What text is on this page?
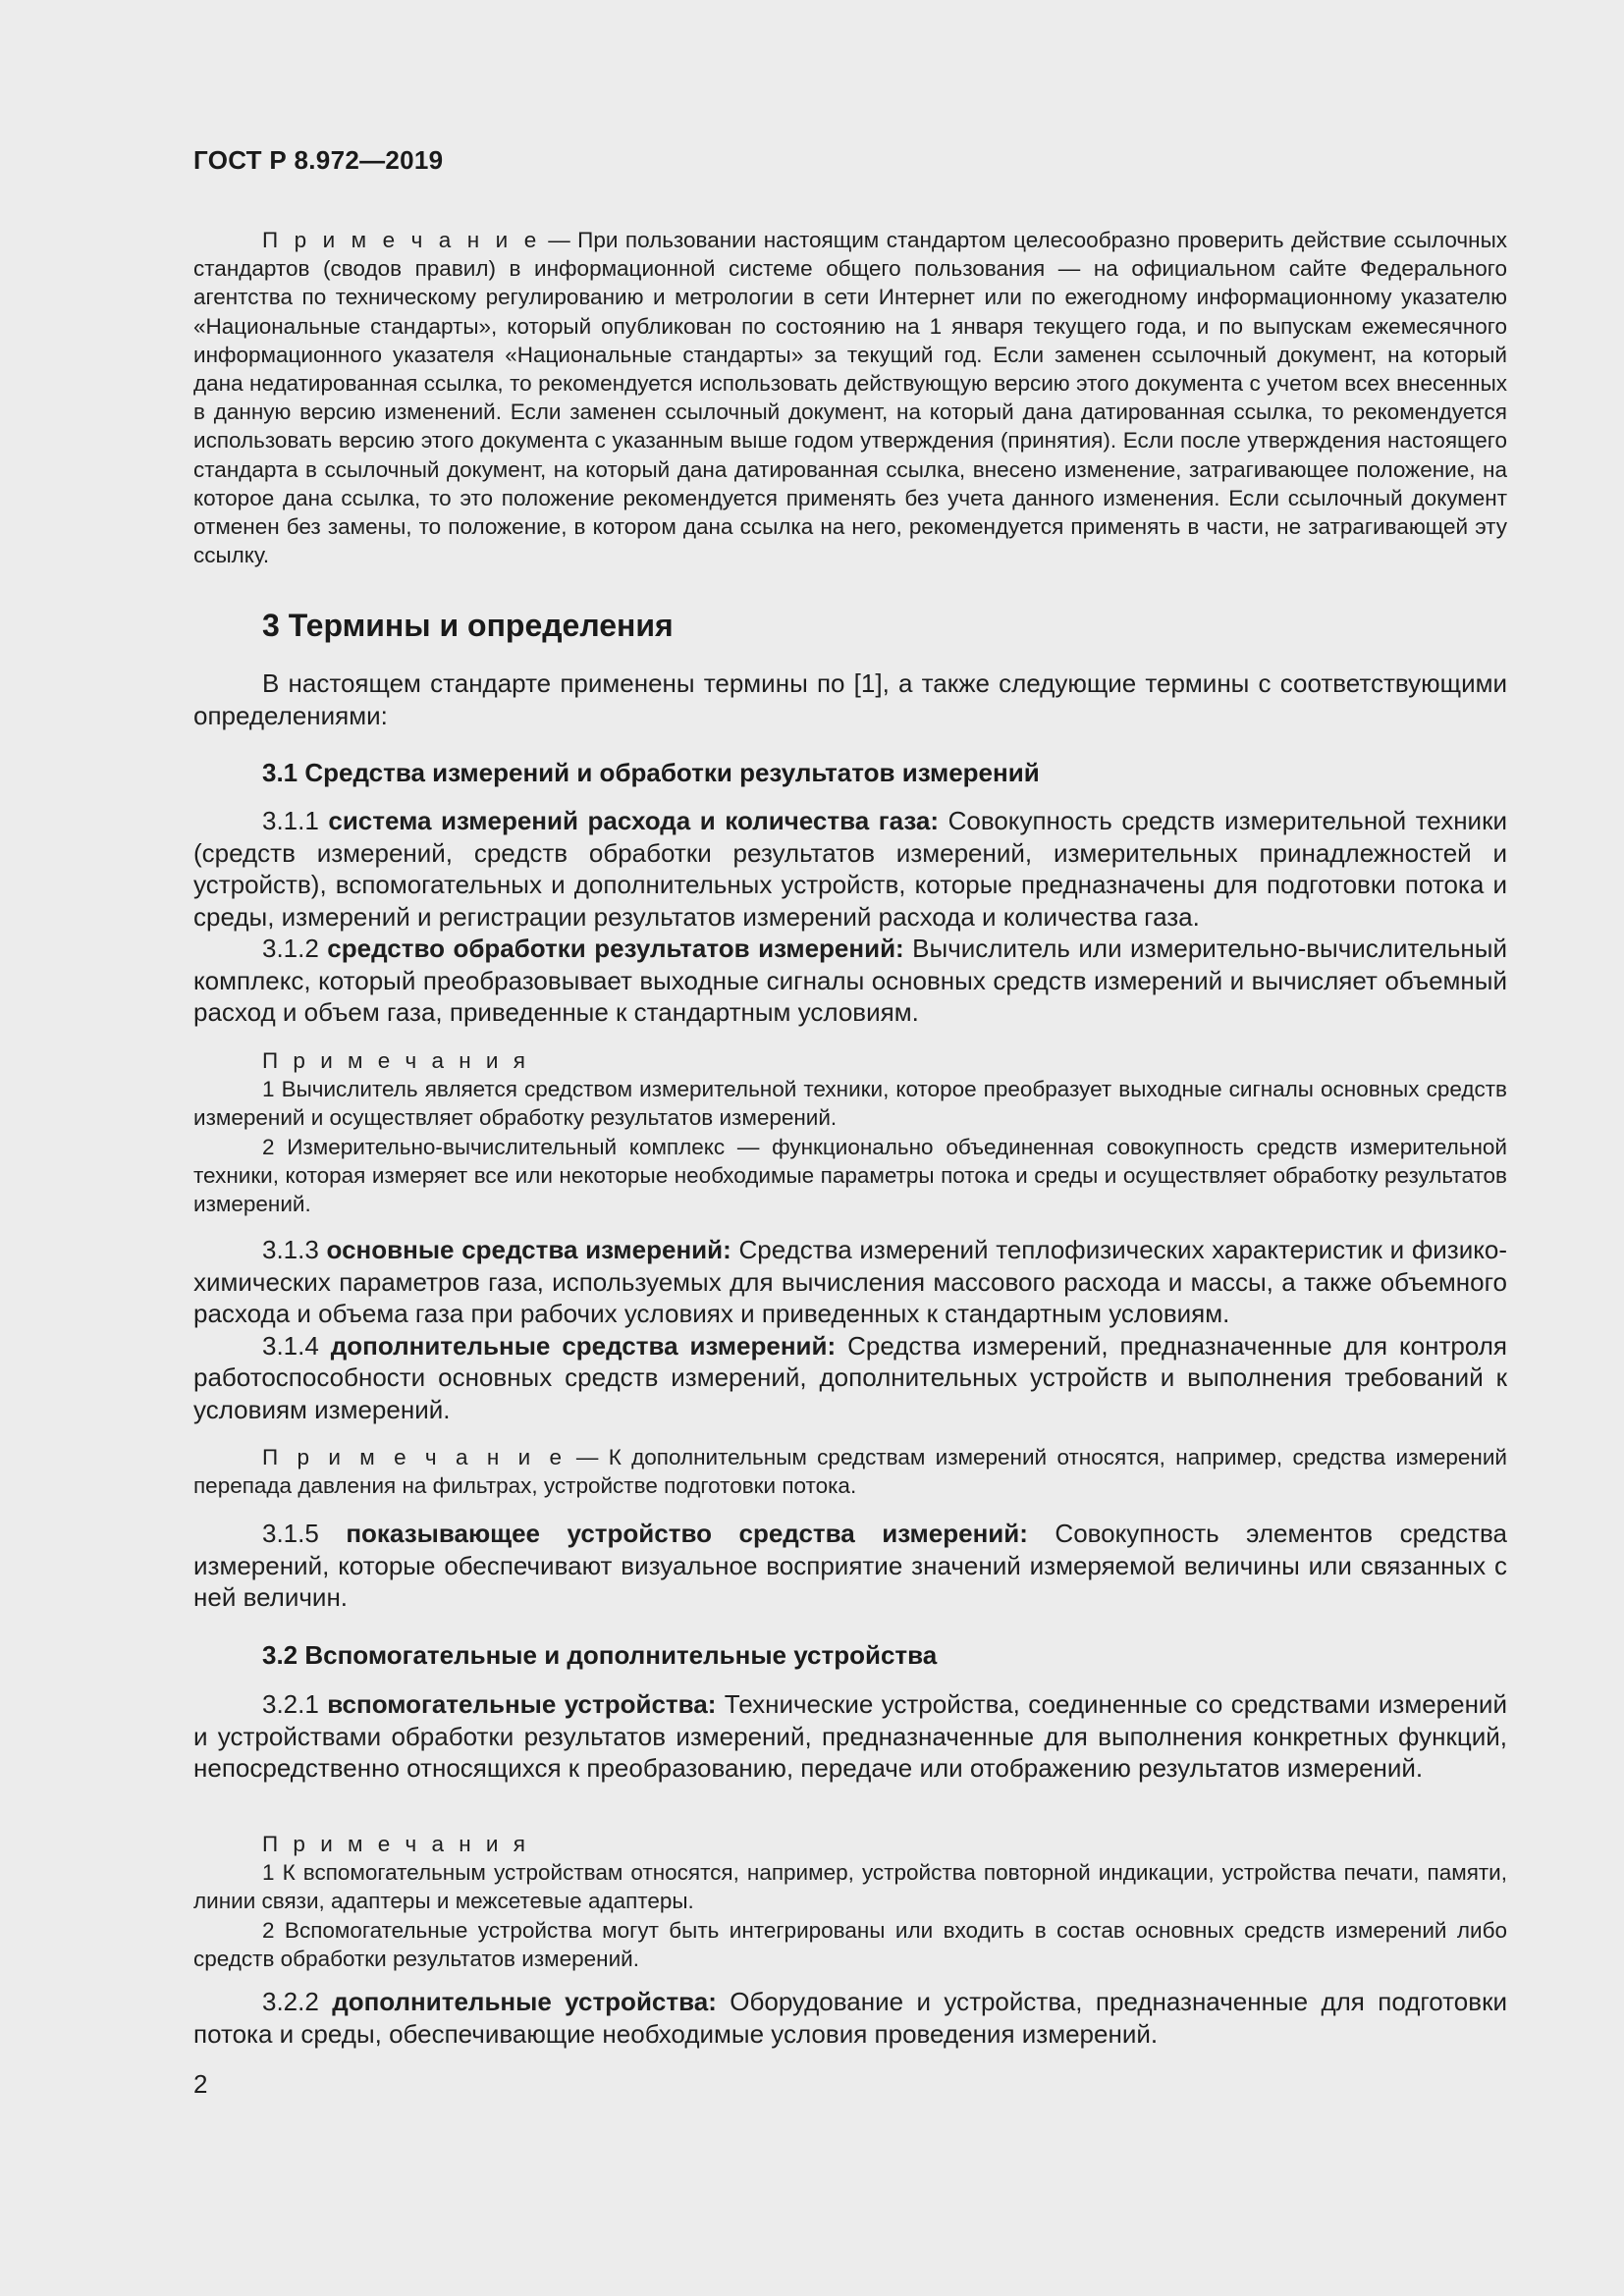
ГОСТ Р 8.972—2019

П р и м е ч а н и е — При пользовании настоящим стандартом целесообразно проверить действие ссылочных стандартов (сводов правил) в информационной системе общего пользования — на официальном сайте Федерального агентства по техническому регулированию и метрологии в сети Интернет или по ежегодному информационному указателю «Национальные стандарты», который опубликован по состоянию на 1 января текущего года, и по выпускам ежемесячного информационного указателя «Национальные стандарты» за текущий год. Если заменен ссылочный документ, на который дана недатированная ссылка, то рекомендуется использовать действующую версию этого документа с учетом всех внесенных в данную версию изменений. Если заменен ссылочный документ, на который дана датированная ссылка, то рекомендуется использовать версию этого документа с указанным выше годом утверждения (принятия). Если после утверждения настоящего стандарта в ссылочный документ, на который дана датированная ссылка, внесено изменение, затрагивающее положение, на которое дана ссылка, то это положение рекомендуется применять без учета данного изменения. Если ссылочный документ отменен без замены, то положение, в котором дана ссылка на него, рекомендуется применять в части, не затрагивающей эту ссылку.

3 Термины и определения

В настоящем стандарте применены термины по [1], а также следующие термины с соответствующими определениями:

3.1 Средства измерений и обработки результатов измерений

3.1.1 система измерений расхода и количества газа: Совокупность средств измерительной техники (средств измерений, средств обработки результатов измерений, измерительных принадлежностей и устройств), вспомогательных и дополнительных устройств, которые предназначены для подготовки потока и среды, измерений и регистрации результатов измерений расхода и количества газа.

3.1.2 средство обработки результатов измерений: Вычислитель или измерительно-вычислительный комплекс, который преобразовывает выходные сигналы основных средств измерений и вычисляет объемный расход и объем газа, приведенные к стандартным условиям.

П р и м е ч а н и я

1 Вычислитель является средством измерительной техники, которое преобразует выходные сигналы основных средств измерений и осуществляет обработку результатов измерений.

2 Измерительно-вычислительный комплекс — функционально объединенная совокупность средств измерительной техники, которая измеряет все или некоторые необходимые параметры потока и среды и осуществляет обработку результатов измерений.

3.1.3 основные средства измерений: Средства измерений теплофизических характеристик и физико-химических параметров газа, используемых для вычисления массового расхода и массы, а также объемного расхода и объема газа при рабочих условиях и приведенных к стандартным условиям.

3.1.4 дополнительные средства измерений: Средства измерений, предназначенные для контроля работоспособности основных средств измерений, дополнительных устройств и выполнения требований к условиям измерений.

П р и м е ч а н и е — К дополнительным средствам измерений относятся, например, средства измерений перепада давления на фильтрах, устройстве подготовки потока.

3.1.5 показывающее устройство средства измерений: Совокупность элементов средства измерений, которые обеспечивают визуальное восприятие значений измеряемой величины или связанных с ней величин.

3.2 Вспомогательные и дополнительные устройства

3.2.1 вспомогательные устройства: Технические устройства, соединенные со средствами измерений и устройствами обработки результатов измерений, предназначенные для выполнения конкретных функций, непосредственно относящихся к преобразованию, передаче или отображению результатов измерений.

П р и м е ч а н и я

1 К вспомогательным устройствам относятся, например, устройства повторной индикации, устройства печати, памяти, линии связи, адаптеры и межсетевые адаптеры.

2 Вспомогательные устройства могут быть интегрированы или входить в состав основных средств измерений либо средств обработки результатов измерений.

3.2.2 дополнительные устройства: Оборудование и устройства, предназначенные для подготовки потока и среды, обеспечивающие необходимые условия проведения измерений.

2
